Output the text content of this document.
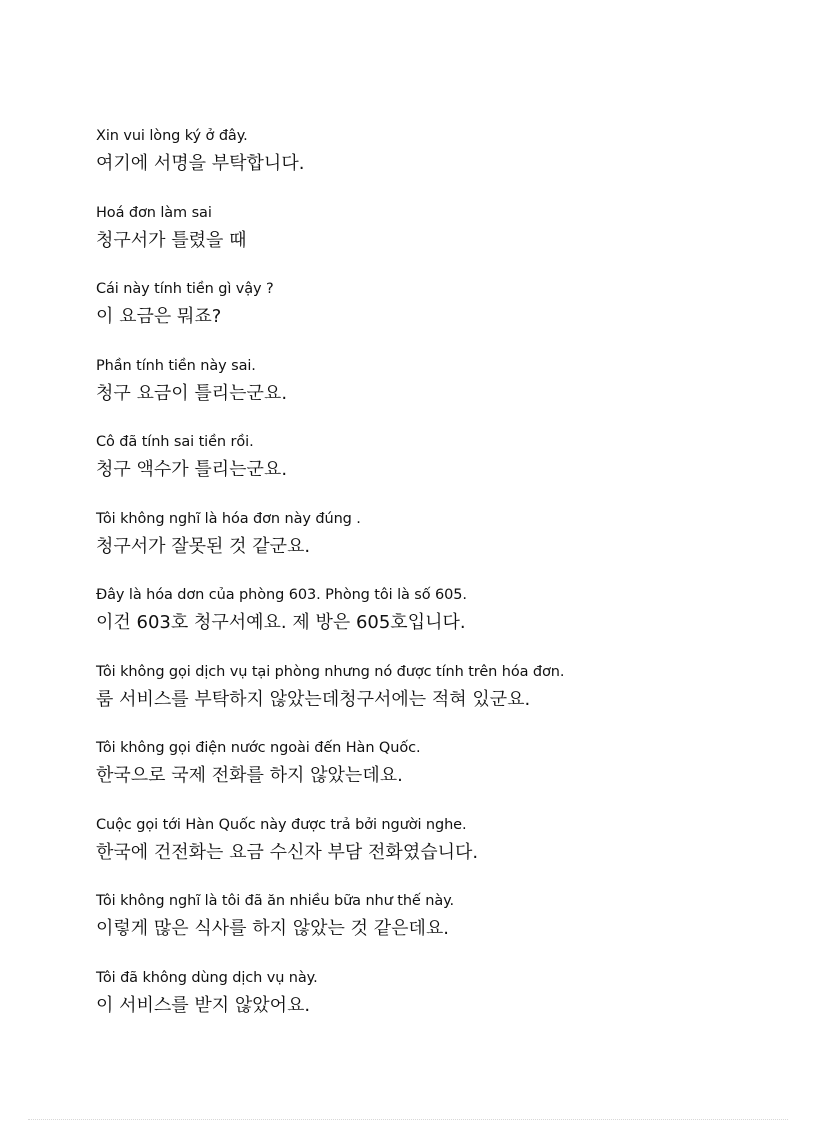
Xin vui lòng ký ở đây.
여기에 서명을 부탁합니다.
Hoá đơn làm sai
청구서가 틀렸을 때
Cái này tính tiền gì vậy ?
이 요금은 뭐죠?
Phần tính tiền này sai.
청구 요금이 틀리는군요.
Cô đã tính sai tiền rồi.
청구 액수가 틀리는군요.
Tôi không nghĩ là hóa đơn này đúng .
청구서가 잘못된 것 같군요.
Đây là hóa dơn của phòng 603. Phòng tôi là số 605.
이건 603호 청구서예요. 제 방은 605호입니다.
Tôi không gọi dịch vụ tại phòng nhưng nó được tính trên hóa đơn.
룸 서비스를 부탁하지 않았는데청구서에는 적혀 있군요.
Tôi không gọi điện nước ngoài đến Hàn Quốc.
한국으로 국제 전화를 하지 않았는데요.
Cuộc gọi tới Hàn Quốc này được trả bởi người nghe.
한국에 건전화는 요금 수신자 부담 전화였습니다.
Tôi không nghĩ là tôi đã ăn nhiều bữa như thế này.
이렇게 많은 식사를 하지 않았는 것 같은데요.
Tôi đã không dùng dịch vụ này.
이 서비스를 받지 않았어요.
